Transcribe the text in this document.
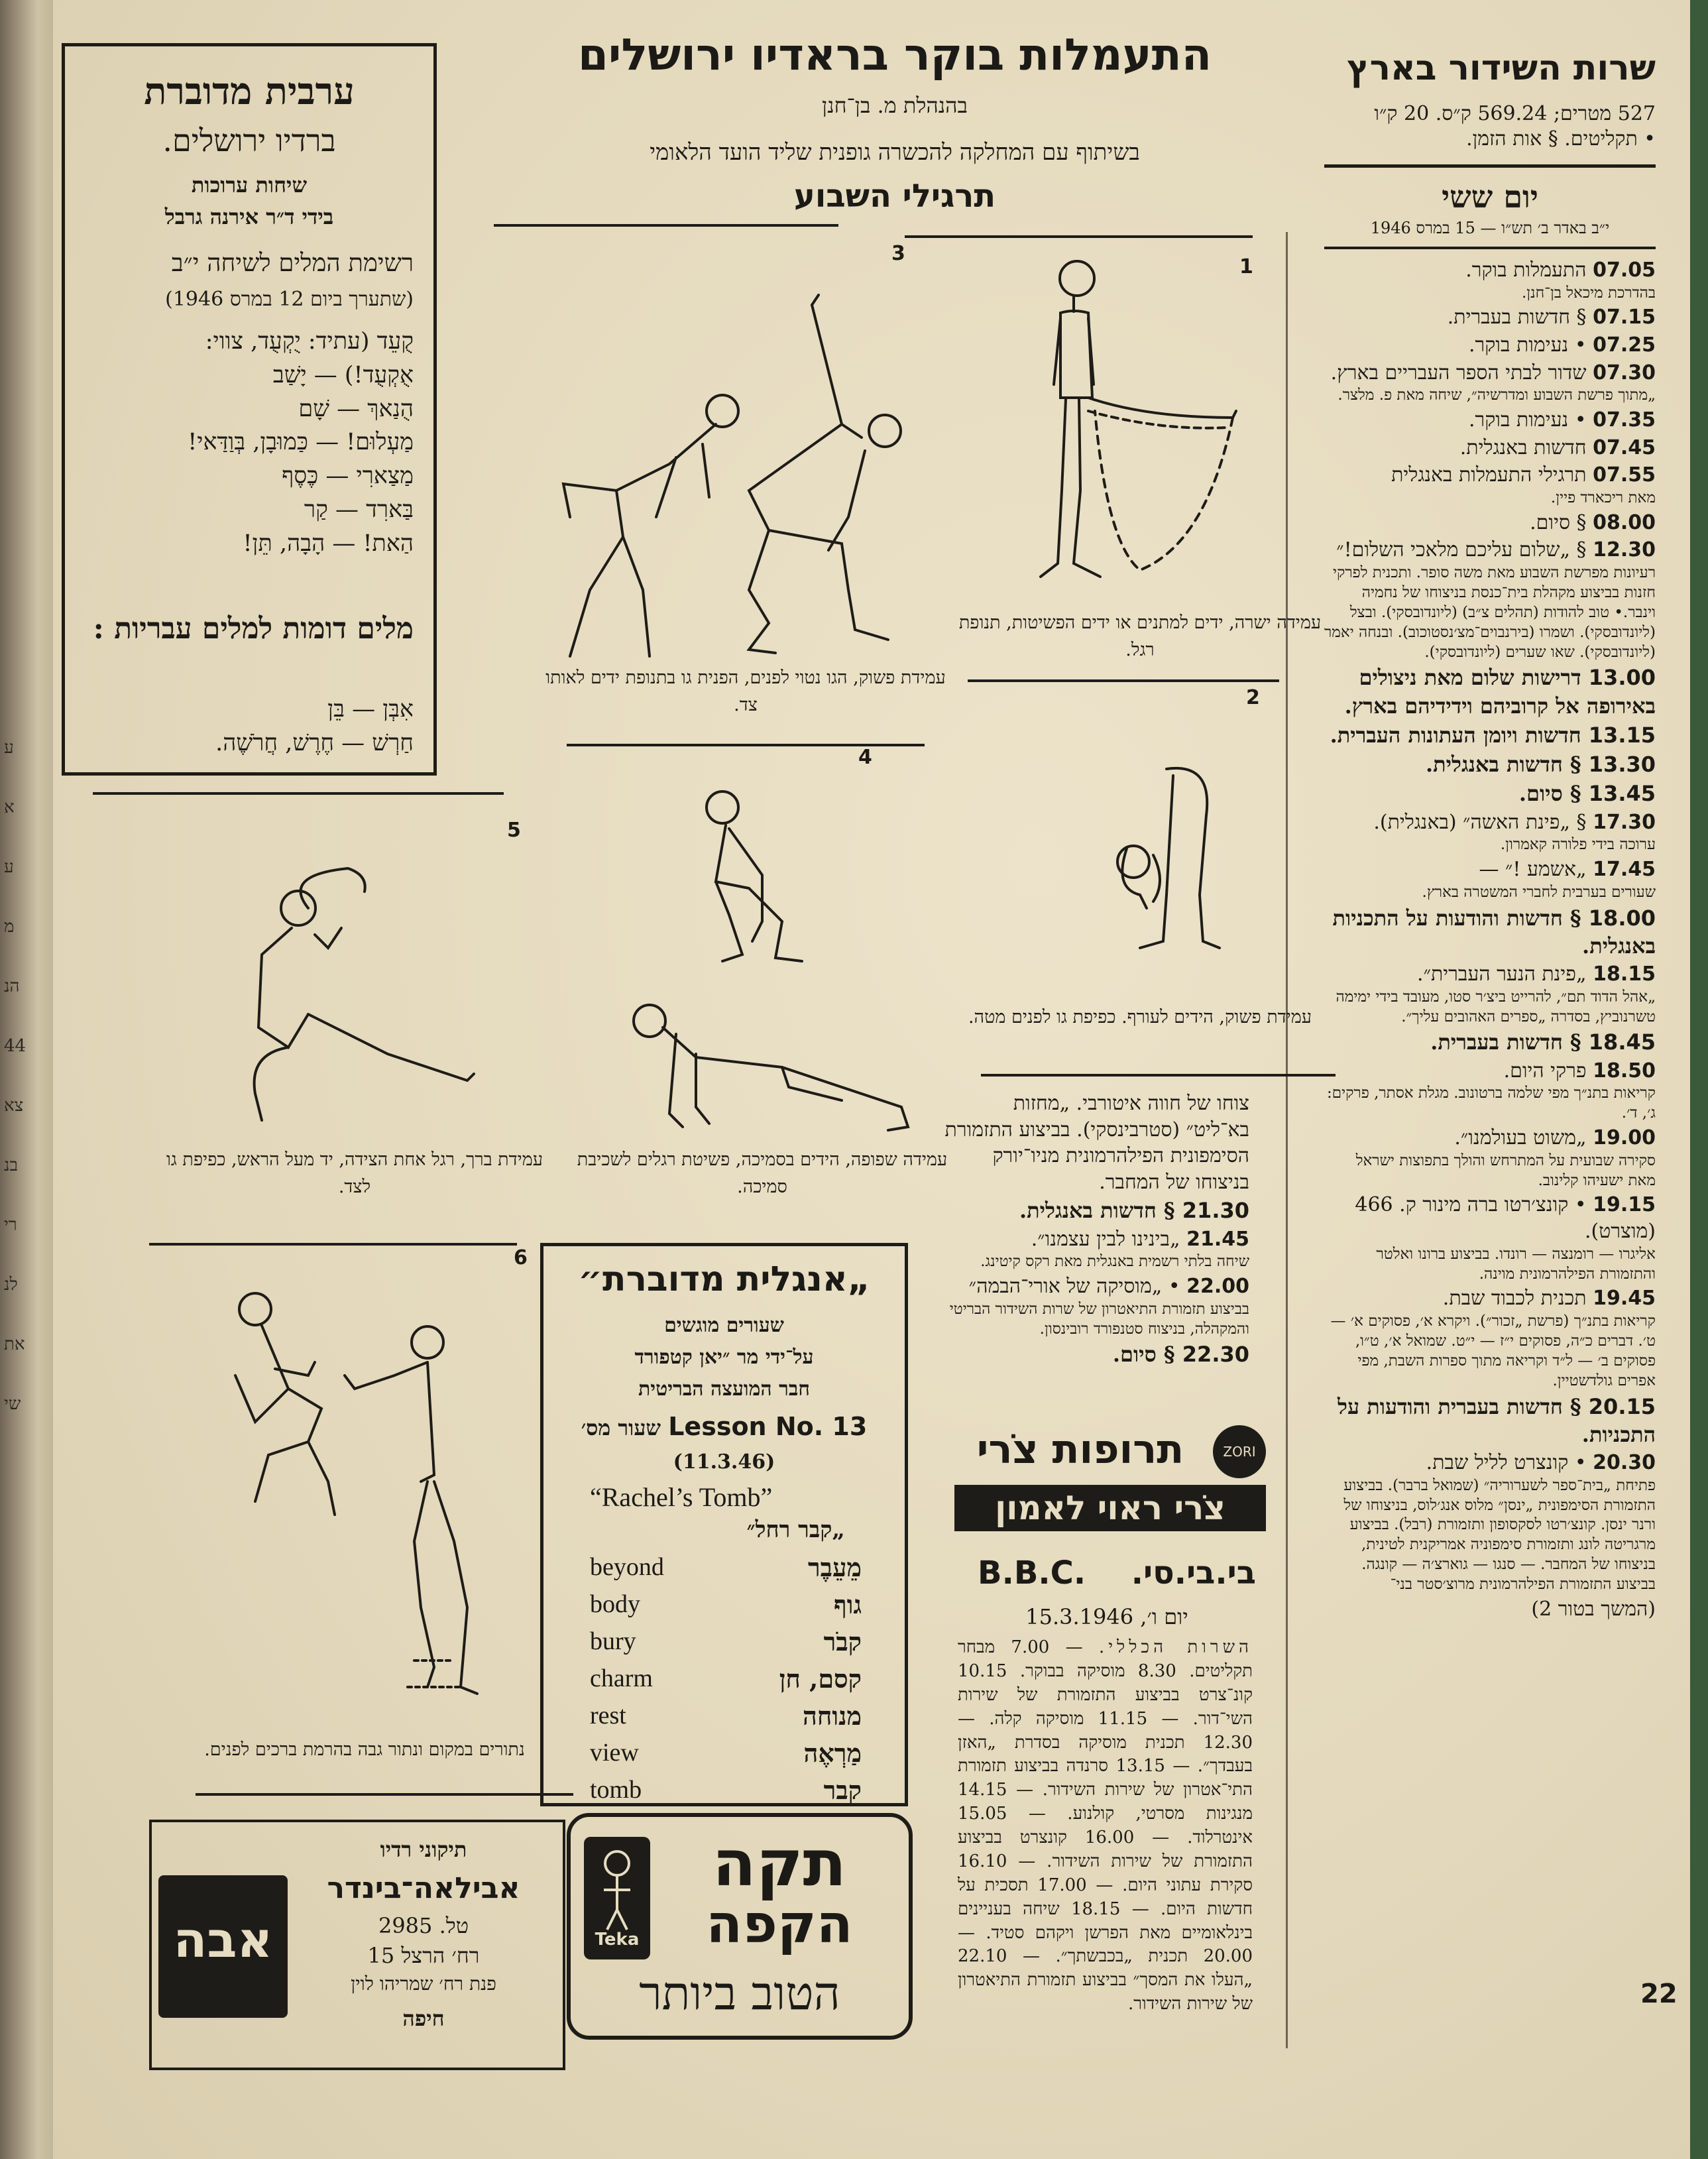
ע
א
ע
מ
הנ
44
צא
בנ
רי
לנ
את
שי
שרות השידור בארץ
527 מטרים; 569.24 ק״ס. 20 ק״ו
• תקליטים. § אות הזמן.
יום ששי
י״ב באדר ב׳ תש״ו — 15 במרס 1946
07.05 התעמלות בוקר.
בהדרכת מיכאל בן־חנן.
07.15 § חדשות בעברית.
07.25 • נעימות בוקר.
07.30 שדור לבתי הספר העבריים בארץ.
„מתוך פרשת השבוע ומדרשיה״, שיחה מאת פ. מלצר.
07.35 • נעימות בוקר.
07.45 חדשות באנגלית.
07.55 תרגילי התעמלות באנגלית
מאת ריכארד פיין.
08.00 § סיום.
12.30 § „שלום עליכם מלאכי השלום!״
רעיונות מפרשת השבוע מאת משה סופר. ותכנית לפרקי חזנות בביצוע מקהלת בית־כנסת בניצוחו של נחמיה וינבר.• טוב להודות (תהלים צ״ב) (ליונדובסקי). ובצל (ליונדובסקי). ושמרו (בירנבוים־מצ׳נסטוכוב). ובנחה יאמר (ליונדובסקי). שאו שערים (ליונדובסקי).
13.00 דרישות שלום מאת ניצולים באירופה אל קרוביהם וידידיהם בארץ.
13.15 חדשות ויומן העתונות העברית.
13.30 § חדשות באנגלית.
13.45 § סיום.
17.30 § „פינת האשה״ (באנגלית).
ערוכה בידי פלורה קאמרון.
17.45 „אשמע !״ —
שעורים בערבית לחברי המשטרה בארץ.
18.00 § חדשות והודעות על התכניות באנגלית.
18.15 „פינת הנער העברית״.
„אהל הדוד תם״, להרייט ביצ׳ר סטו, מעובד בידי ימימה טשרנוביץ, בסדרה „ספרים האהובים עליך״.
18.45 § חדשות בעברית.
18.50 פרקי היום.
קריאות בתנ״ך מפי שלמה ברטונוב. מגלת אסתר, פרקים: ג׳, ד׳.
19.00 „משוט בעולמנו״.
סקירה שבועית על המתרחש והולך בתפוצות ישראל מאת ישעיהו קלינוב.
19.15 • קונצ׳רטו ברה מינור ק. 466 (מוצרט).
אליגרו — רומנצה — רונדו. בביצוע ברונו ואלטר והתזמורת הפילהרמונית מוינה.
19.45 תכנית לכבוד שבת.
קריאות בתנ״ך (פרשת „זכור״). ויקרא א׳, פסוקים א׳ — ט׳. דברים כ״ה, פסוקים י״ז — י״ט. שמואל א׳, ט״ו, פסוקים ב׳ — ל״ד וקריאה מתוך ספרות השבת, מפי אפרים גולדשטיין.
20.15 § חדשות בעברית והודעות על התכניות.
20.30 • קונצרט לליל שבת.
פתיחת „בית־ספר לשערוריה״ (שמואל ברבר). בביצוע התזמורת הסימפונית „ינסן״ מלוס אנג׳לוס, בניצוחו של ורנר ינסן. קונצ׳רטו לסקסופון ותזמורת (רבל). בביצוע מרגריטה לונג ותזמורת סימפוניה אמריקנית לטינית, בניצוחו של המחבר. — סנגו — גוארצ׳ה — קונגה. בביצוע התזמורת הפילהרמונית מרוצ׳סטר בני־
(המשך בטור 2)
22
התעמלות בוקר בראדיו ירושלים
בהנהלת מ. בן־חנן
בשיתוף עם המחלקה להכשרה גופנית שליד הועד הלאומי
תרגילי השבוע
1
עמידה ישרה, ידים למתנים או ידים הפשיטות, תנופת רגל.
2
עמידת פשוק, הידים לעורף. כפיפת גו לפנים מטה.
3
עמידת פשוק, הגו נטוי לפנים, הפנית גו בתנופת ידים לאותו צד.
4
עמידה שפופה, הידים בסמיכה, פשיטת רגלים לשכיבת סמיכה.
5
עמידת ברך, רגל אחת הצידה, יד מעל הראש, כפיפת גו לצד.
6
נתורים במקום ונתור גבה בהרמת ברכים לפנים.
ערבית מדוברת
ברדיו ירושלים.
שיחות ערוכות
בידי ד״ר אירנה גרבל
רשימת המלים לשיחה י״ב
(שתערך ביום 12 במרס 1946)
קֻעֵד (עתיד: יֻקְעֻד, צווי:
אֻקְעֻד!) — יָשַׁב
הֻנַאךְ — שָׁם
מַעְלוּם! — כַּמוּבָן, בְּוַדַּאי!
מַצַארִי — כֶּסֶף
בַּארִד — קַר
הַאת! — הָבָה, תֵּן!
מלים דומות למלים עבריות :
אִבְּן — בֵּן
חַרְשׁ — חֶרֶשׁ, חֲרֹשֶׁה.
„אנגלית מדוברת״
שעורים מוגשים
על־ידי מר ״יאן קטפורד
חבר המועצה הבריטית
Lesson No. 13 שעור מס׳
(11.3.46)
“Rachel’s Tomb”
„קבר רחל״
beyond	מֵעֵבֶר
body	גוף
bury	קבֹר
charm	קסם, חן
rest	מנוחה
view	מַרְאֶה
tomb	קבר
צוחו של חווה איטורבי. „מחזות בא־ליט״ (סטרבינסקי). בביצוע התזמורת הסימפונית הפילהרמונית מניו־יורק בניצוחו של המחבר.
21.30 § חדשות באנגלית.
21.45 „בינינו לבין עצמנו״.
שיחה בלתי רשמית באנגלית מאת רקס קיטינג.
22.00 • „מוסיקה של אורי־הבמה״
בביצוע תזמורת התיאטרון של שרות השידור הבריטי והמקהלה, בניצוח סטנפורד רובינסון.
22.30 § סיום.
ZORI
תרופות צֹרי
צֹרי ראוי לאמון
בי.בי.סי.
B.B.C.
יום ו׳, 15.3.1946
השרות הכללי. — 7.00 מבחר תקליטים. 8.30 מוסיקה בבוקר. 10.15 קונ־צרט בביצוע התזמורת של שירות השי־דור. — 11.15 מוסיקה קלה. — 12.30 תכנית מוסיקה בסדרת „האזן בעבדך״. — 13.15 סרנדה בביצוע תזמורת התי־אטרון של שירות השידור. — 14.15 מנגינות מסרטי, קולנוע. — 15.05 אינטרלוד. — 16.00 קונצרט בביצוע התזמורת של שירות השידור. — 16.10 סקירת עתוני היום. — 17.00 תסכית על חדשות היום. — 18.15 שיחה בעניינים בינלאומיים מאת הפרשן ויקהם סטיד. — 20.00 תכנית „בכבשתך״. — 22.10 „העלו את המסך״ בביצוע תזמורת התיאטרון של שירות השידור.
Teka
תקה
הקפה
הטוב ביותר
אבה
תיקוני רדיו
אבילאה־בינדר
טל. 2985
רח׳ הרצל 15
פנת רח׳ שמריהו לוין
חיפה
